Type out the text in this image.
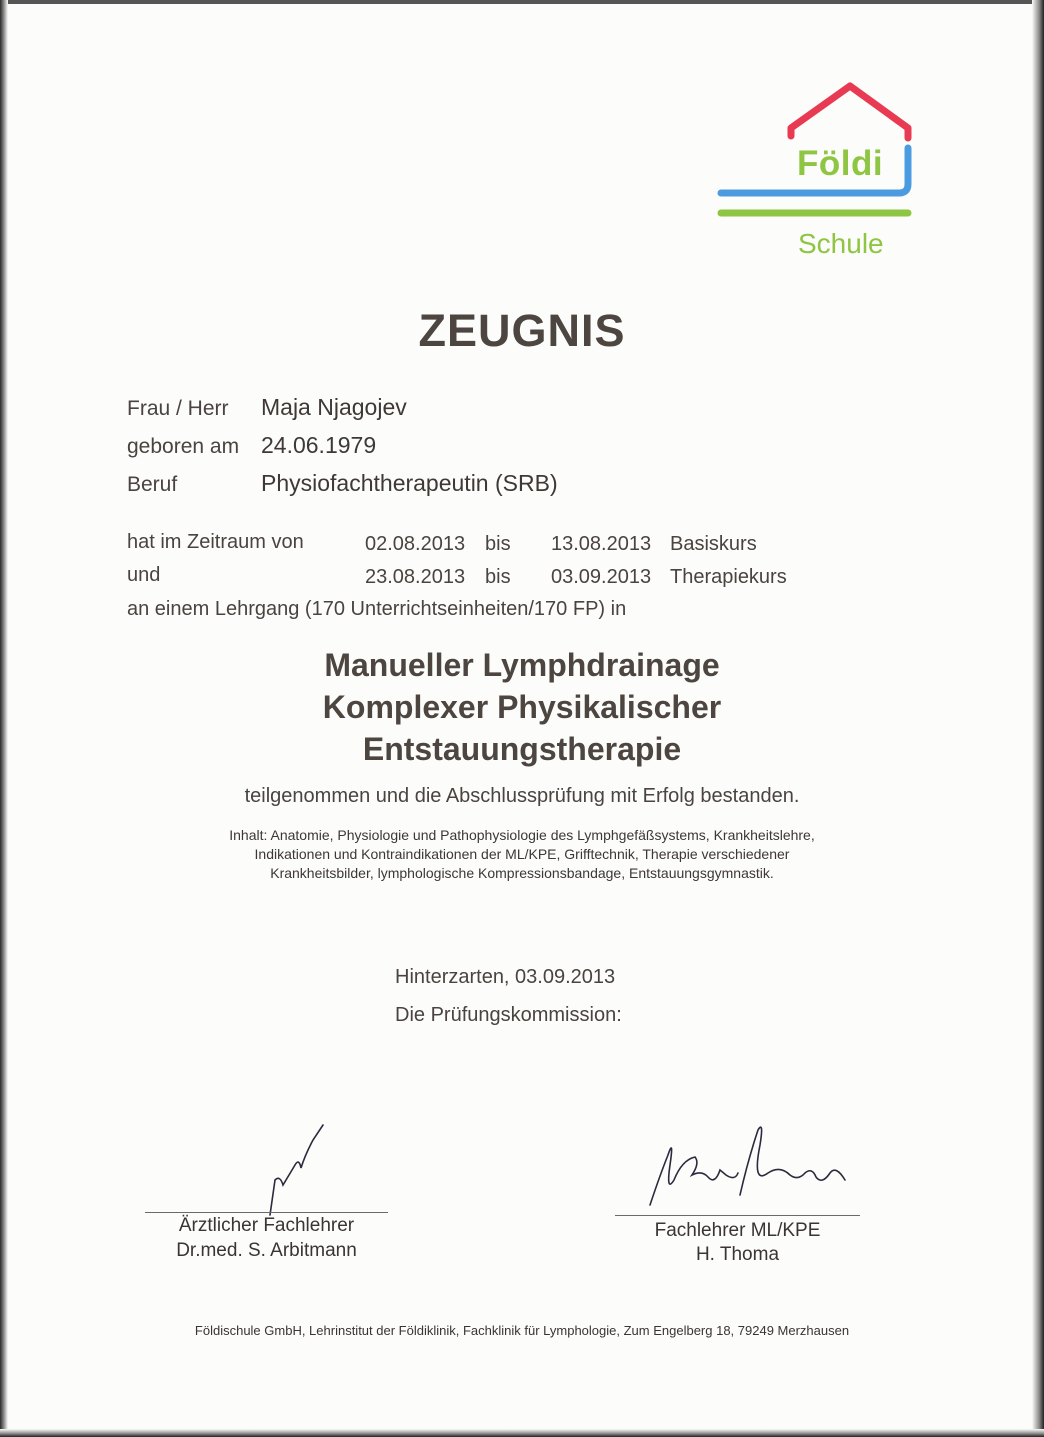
Földi
Schule
ZEUGNIS
Frau / Herr Maja Njagojev
geboren am 24.06.1979
Beruf	Physiofachtherapeutin (SRB)
hat im Zeitraum von	02.08.2013 bis 13.08.2013 Basiskurs
und	23.08.2013 bis 03.09.2013 Therapiekurs
an einem Lehrgang (170 Unterrichtseinheiten/170 FP) in
Manueller Lymphdrainage
Komplexer Physikalischer
Entstauungstherapie
teilgenommen und die Abschlussprüfung mit Erfolg bestanden.
Inhalt: Anatomie, Physiologie und Pathophysiologie des Lymphgefäßsystems, Krankheitslehre,
Indikationen und Kontraindikationen der ML/KPE, Grifftechnik, Therapie verschiedener
Krankheitsbilder, lymphologische Kompressionsbandage, Entstauungsgymnastik.
Hinterzarten, 03.09.2013
Die Prüfungskommission:
Ärztlicher Fachlehrer
Dr.med. S. Arbitmann
Fachlehrer ML/KPE
H. Thoma
Földischule GmbH, Lehrinstitut der Földiklinik, Fachklinik für Lymphologie, Zum Engelberg 18, 79249 Merzhausen
